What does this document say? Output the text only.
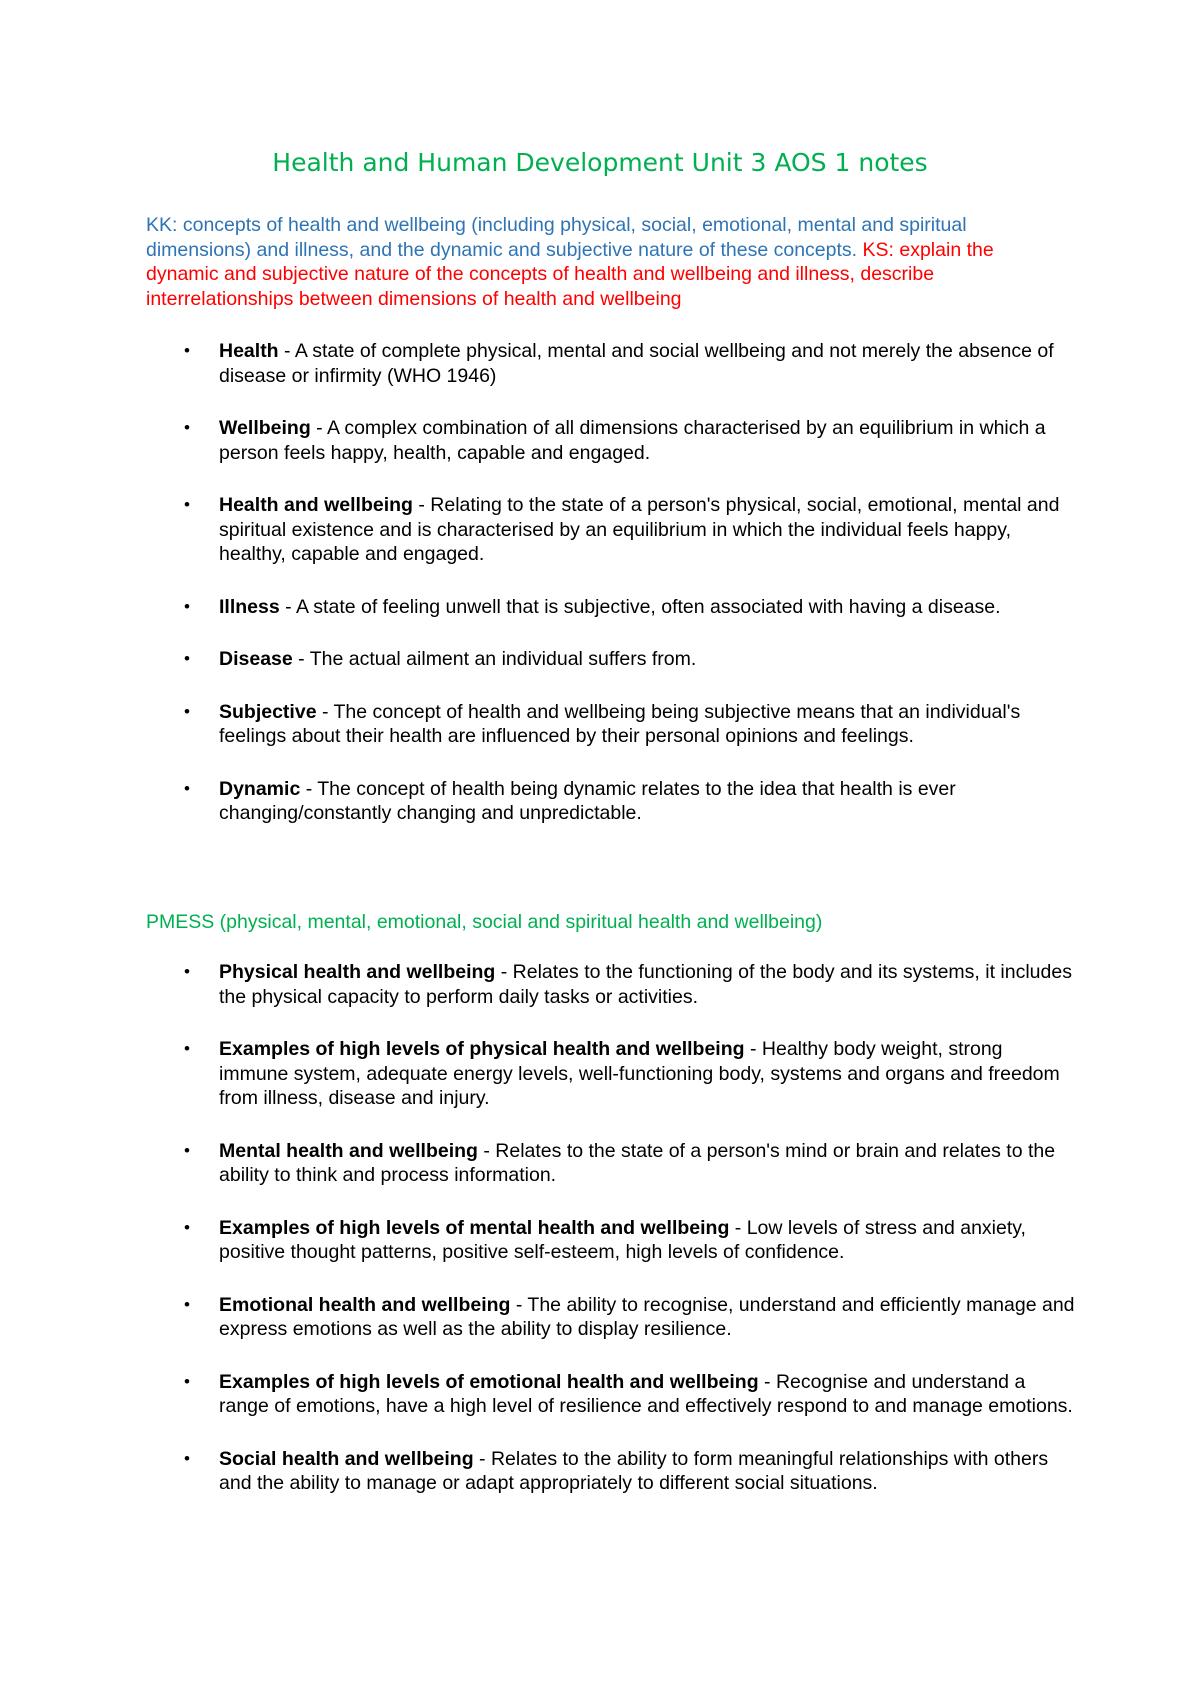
Health and Human Development Unit 3 AOS 1 notes

KK: concepts of health and wellbeing (including physical, social, emotional, mental and spiritual dimensions) and illness, and the dynamic and subjective nature of these concepts. KS: explain the dynamic and subjective nature of the concepts of health and wellbeing and illness, describe interrelationships between dimensions of health and wellbeing

• Health - A state of complete physical, mental and social wellbeing and not merely the absence of disease or infirmity (WHO 1946)
• Wellbeing - A complex combination of all dimensions characterised by an equilibrium in which a person feels happy, health, capable and engaged.
• Health and wellbeing - Relating to the state of a person's physical, social, emotional, mental and spiritual existence and is characterised by an equilibrium in which the individual feels happy, healthy, capable and engaged.
• Illness - A state of feeling unwell that is subjective, often associated with having a disease.
• Disease - The actual ailment an individual suffers from.
• Subjective - The concept of health and wellbeing being subjective means that an individual's feelings about their health are influenced by their personal opinions and feelings.
• Dynamic - The concept of health being dynamic relates to the idea that health is ever changing/constantly changing and unpredictable.

PMESS (physical, mental, emotional, social and spiritual health and wellbeing)

• Physical health and wellbeing - Relates to the functioning of the body and its systems, it includes the physical capacity to perform daily tasks or activities.
• Examples of high levels of physical health and wellbeing - Healthy body weight, strong immune system, adequate energy levels, well-functioning body, systems and organs and freedom from illness, disease and injury.
• Mental health and wellbeing - Relates to the state of a person's mind or brain and relates to the ability to think and process information.
• Examples of high levels of mental health and wellbeing - Low levels of stress and anxiety, positive thought patterns, positive self-esteem, high levels of confidence.
• Emotional health and wellbeing - The ability to recognise, understand and efficiently manage and express emotions as well as the ability to display resilience.
• Examples of high levels of emotional health and wellbeing - Recognise and understand a range of emotions, have a high level of resilience and effectively respond to and manage emotions.
• Social health and wellbeing - Relates to the ability to form meaningful relationships with others and the ability to manage or adapt appropriately to different social situations.
